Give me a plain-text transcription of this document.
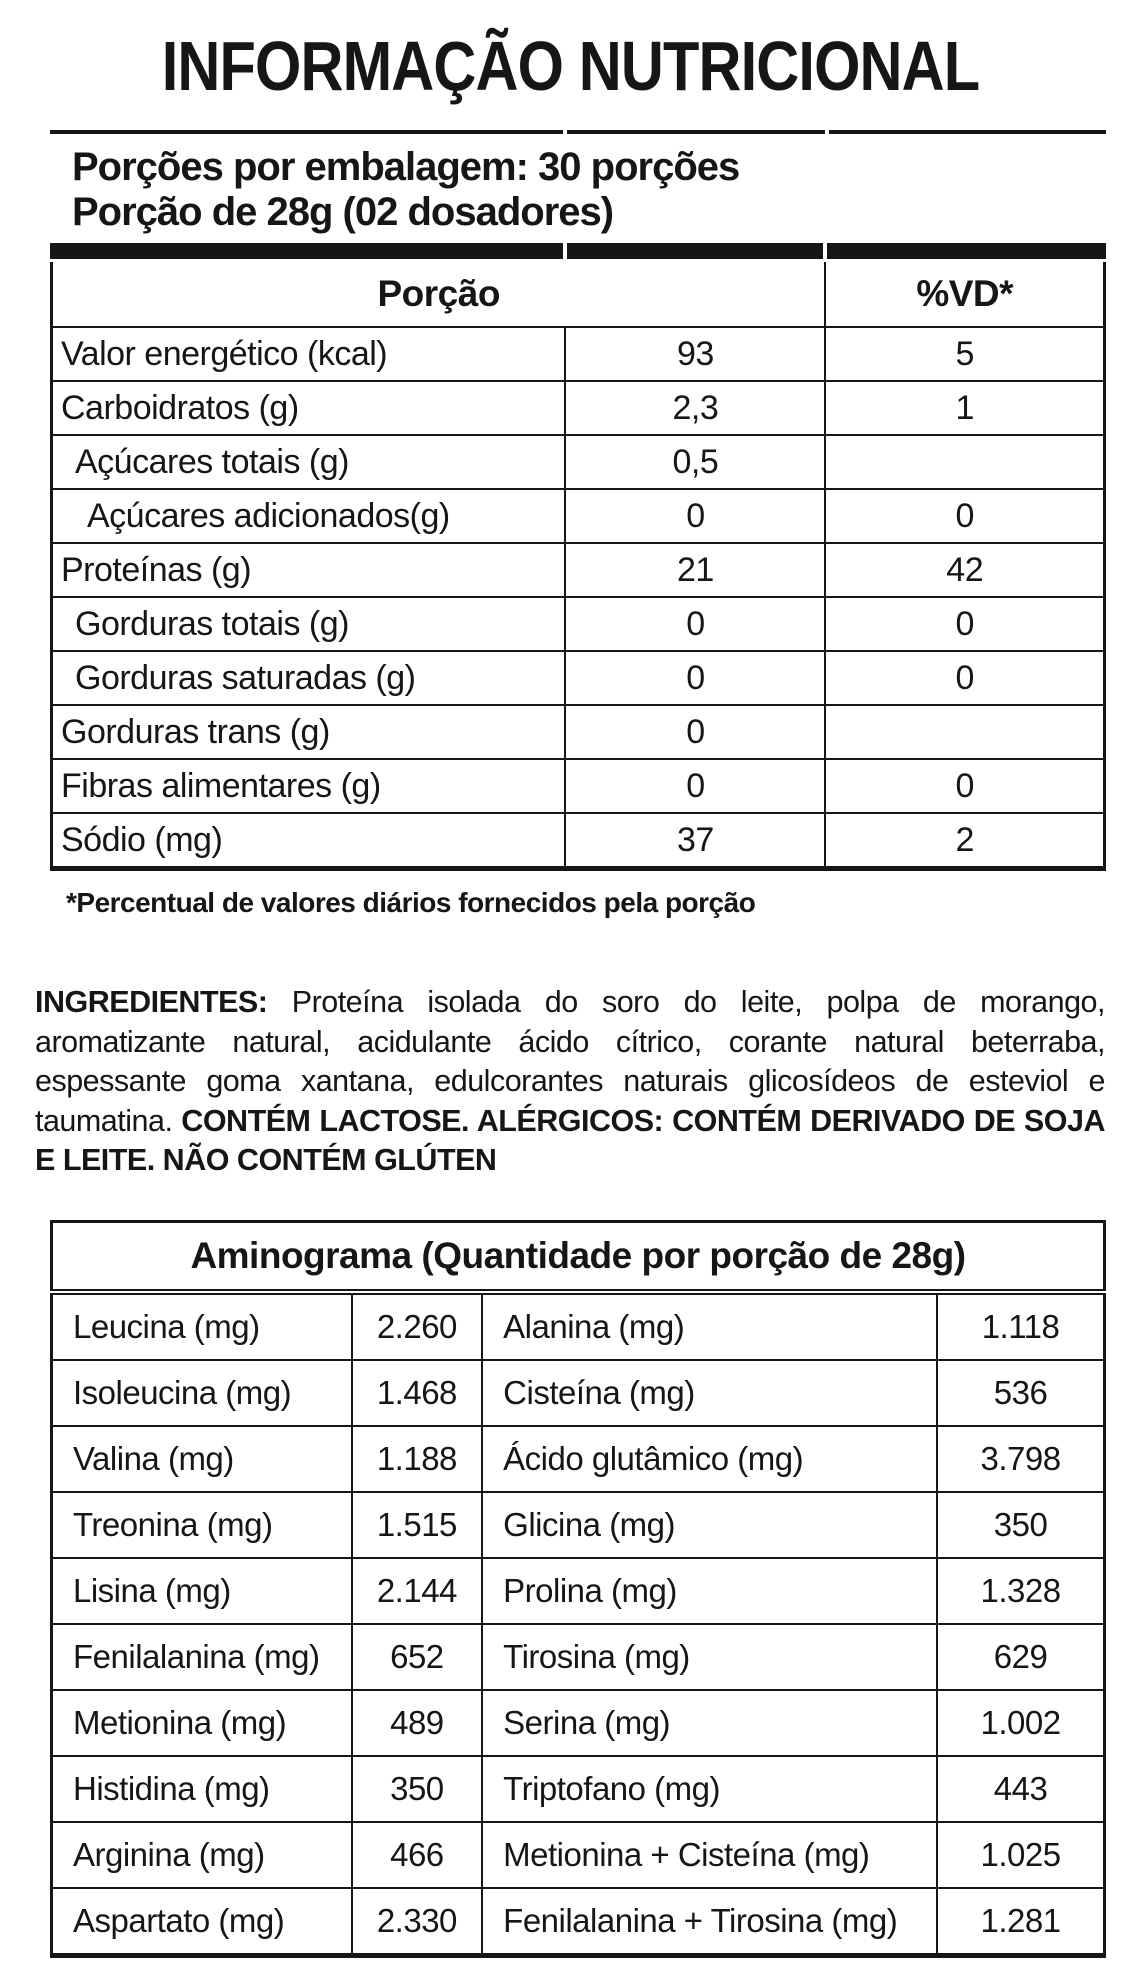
INFORMAÇÃO NUTRICIONAL
Porções por embalagem: 30 porções
Porção de 28g (02 dosadores)

Porção		%VD*
Valor energético (kcal)	93	5
Carboidratos (g)	2,3	1
Açúcares totais (g)	0,5	
Açúcares adicionados(g)	0	0
Proteínas (g)	21	42
Gorduras totais (g)	0	0
Gorduras saturadas (g)	0	0
Gorduras trans (g)	0	
Fibras alimentares (g)	0	0
Sódio (mg)	37	2
*Percentual de valores diários fornecidos pela porção

INGREDIENTES: Proteína isolada do soro do leite, polpa de morango, aromatizante natural, acidulante ácido cítrico, corante natural beterraba, espessante goma xantana, edulcorantes naturais glicosídeos de esteviol e taumatina. CONTÉM LACTOSE. ALÉRGICOS: CONTÉM DERIVADO DE SOJA E LEITE. NÃO CONTÉM GLÚTEN

Aminograma (Quantidade por porção de 28g)			
Leucina (mg)	2.260	Alanina (mg)	1.118
Isoleucina (mg)	1.468	Cisteína (mg)	536
Valina (mg)	1.188	Ácido glutâmico (mg)	3.798
Treonina (mg)	1.515	Glicina (mg)	350
Lisina (mg)	2.144	Prolina (mg)	1.328
Fenilalanina (mg)	652	Tirosina (mg)	629
Metionina (mg)	489	Serina (mg)	1.002
Histidina (mg)	350	Triptofano (mg)	443
Arginina (mg)	466	Metionina + Cisteína (mg)	1.025
Aspartato (mg)	2.330	Fenilalanina + Tirosina (mg)	1.281
